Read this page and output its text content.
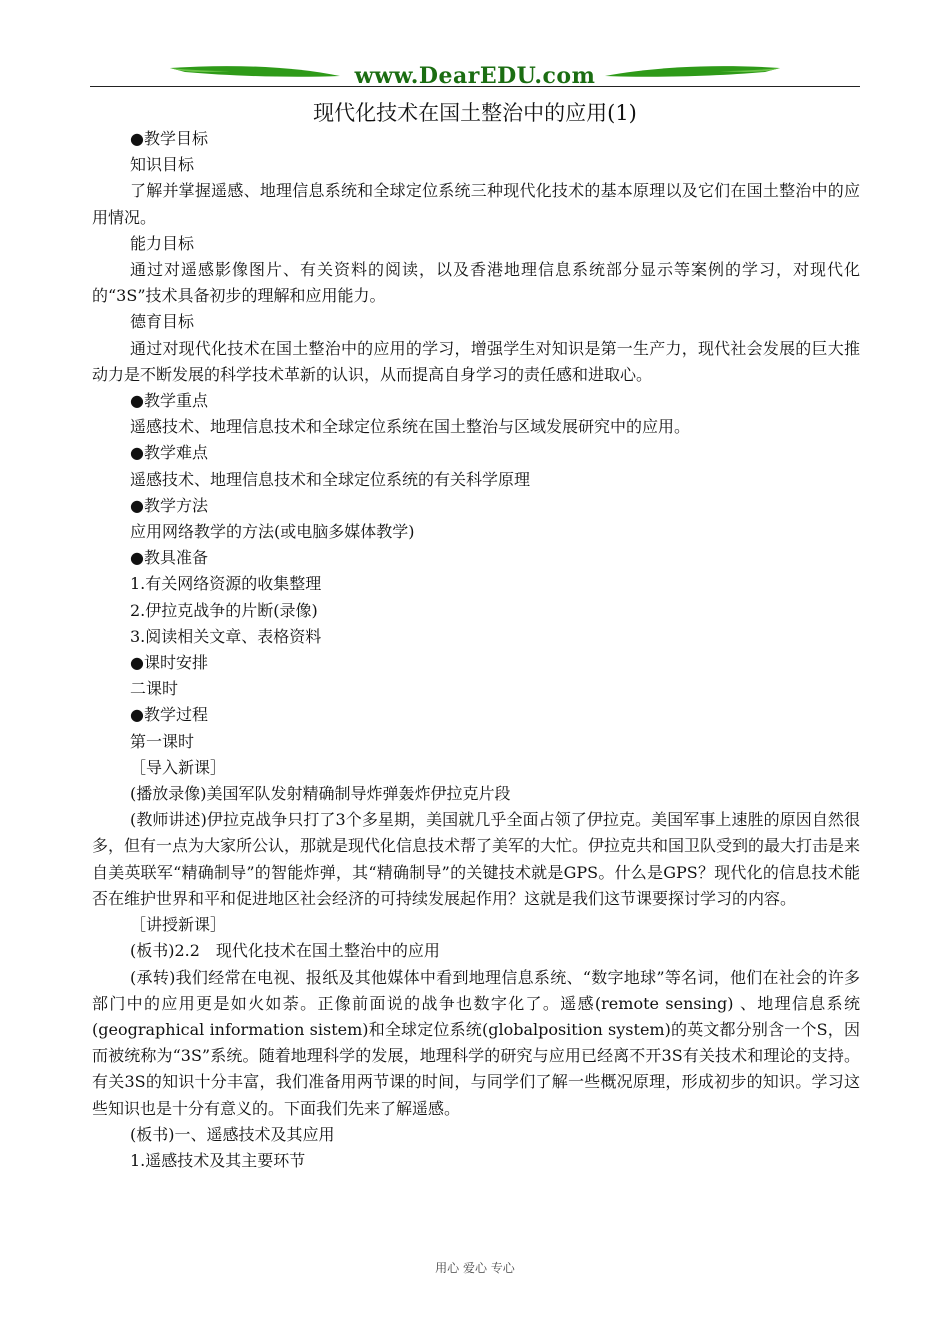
www.DearEDU.com
现代化技术在国土整治中的应用(1)

●教学目标

知识目标

了解并掌握遥感、地理信息系统和全球定位系统三种现代化技术的基本原理以及它们在国土整治中的应用情况。

能力目标

通过对遥感影像图片、有关资料的阅读，以及香港地理信息系统部分显示等案例的学习，对现代化的“3S”技术具备初步的理解和应用能力。

德育目标

通过对现代化技术在国土整治中的应用的学习，增强学生对知识是第一生产力，现代社会发展的巨大推动力是不断发展的科学技术革新的认识，从而提高自身学习的责任感和进取心。

●教学重点

遥感技术、地理信息技术和全球定位系统在国土整治与区域发展研究中的应用。

●教学难点

遥感技术、地理信息技术和全球定位系统的有关科学原理

●教学方法

应用网络教学的方法(或电脑多媒体教学)

●教具准备

1.有关网络资源的收集整理

2.伊拉克战争的片断(录像)

3.阅读相关文章、表格资料

●课时安排

二课时

●教学过程

第一课时

［导入新课］

(播放录像)美国军队发射精确制导炸弹轰炸伊拉克片段

(教师讲述)伊拉克战争只打了3个多星期，美国就几乎全面占领了伊拉克。美国军事上速胜的原因自然很多，但有一点为大家所公认，那就是现代化信息技术帮了美军的大忙。伊拉克共和国卫队受到的最大打击是来自美英联军“精确制导”的智能炸弹，其“精确制导”的关键技术就是GPS。什么是GPS？现代化的信息技术能否在维护世界和平和促进地区社会经济的可持续发展起作用？这就是我们这节课要探讨学习的内容。

［讲授新课］

(板书)2.2　现代化技术在国土整治中的应用

(承转)我们经常在电视、报纸及其他媒体中看到地理信息系统、“数字地球”等名词，他们在社会的许多部门中的应用更是如火如荼。正像前面说的战争也数字化了。遥感(remote sensing) 、地理信息系统(geographical information sistem)和全球定位系统(globalposition system)的英文都分别含一个S，因而被统称为“3S”系统。随着地理科学的发展，地理科学的研究与应用已经离不开3S有关技术和理论的支持。有关3S的知识十分丰富，我们准备用两节课的时间，与同学们了解一些概况原理，形成初步的知识。学习这些知识也是十分有意义的。下面我们先来了解遥感。

(板书)一、遥感技术及其应用

1.遥感技术及其主要环节

用心 爱心 专心
